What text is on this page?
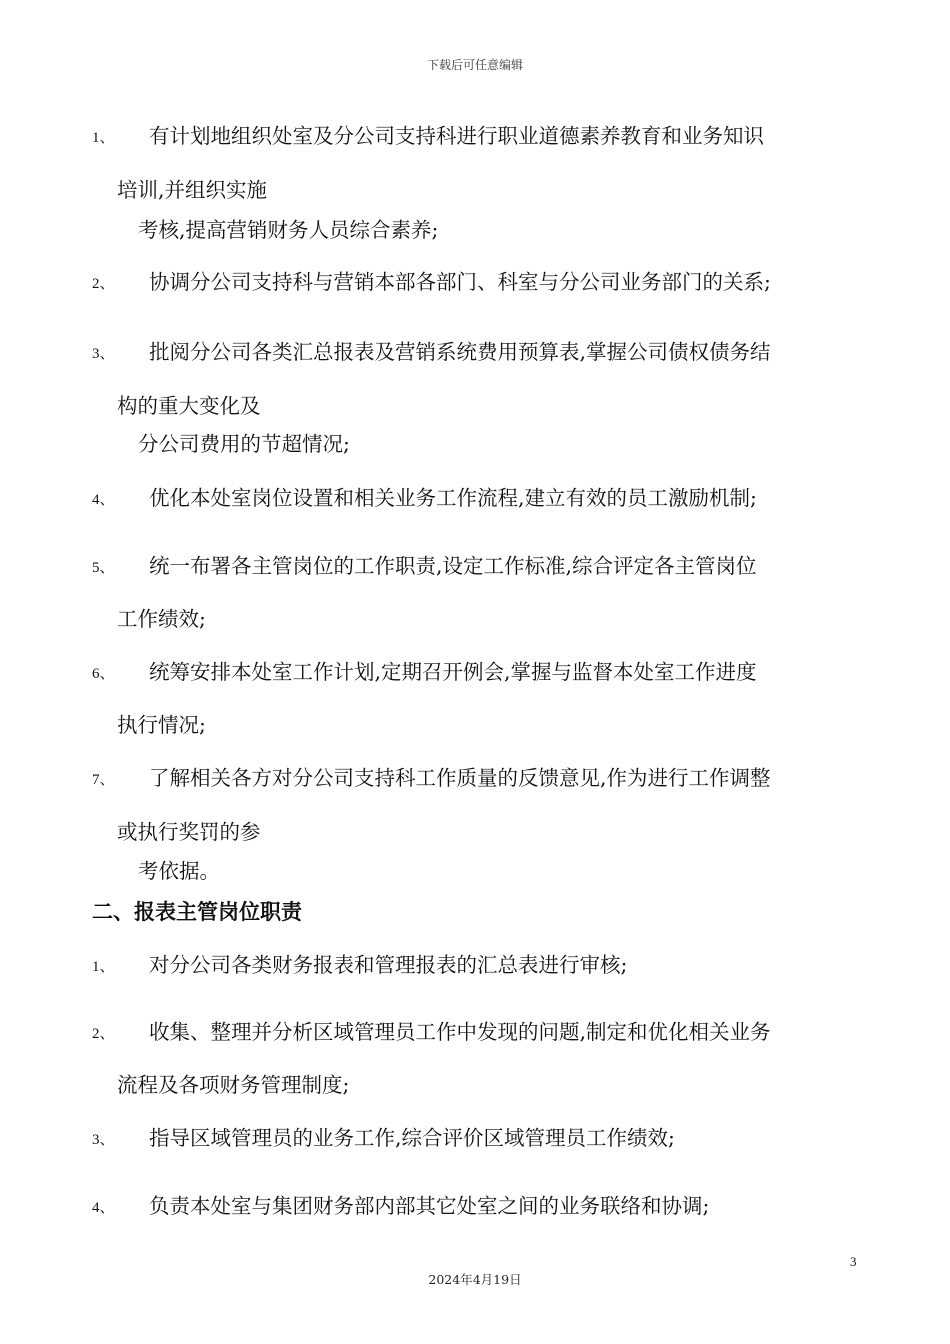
下载后可任意编辑
1、 有计划地组织处室及分公司支持科进行职业道德素养教育和业务知识
培训,并组织实施
考核,提高营销财务人员综合素养;
2、 协调分公司支持科与营销本部各部门、科室与分公司业务部门的关系;
3、 批阅分公司各类汇总报表及营销系统费用预算表,掌握公司债权债务结
构的重大变化及
分公司费用的节超情况;
4、 优化本处室岗位设置和相关业务工作流程,建立有效的员工激励机制;
5、 统一布署各主管岗位的工作职责,设定工作标准,综合评定各主管岗位
工作绩效;
6、 统筹安排本处室工作计划,定期召开例会,掌握与监督本处室工作进度
执行情况;
7、 了解相关各方对分公司支持科工作质量的反馈意见,作为进行工作调整
或执行奖罚的参
考依据。
二、报表主管岗位职责
1、 对分公司各类财务报表和管理报表的汇总表进行审核;
2、 收集、整理并分析区域管理员工作中发现的问题,制定和优化相关业务
流程及各项财务管理制度;
3、 指导区域管理员的业务工作,综合评价区域管理员工作绩效;
4、 负责本处室与集团财务部内部其它处室之间的业务联络和协调;
3
2024年4月19日
